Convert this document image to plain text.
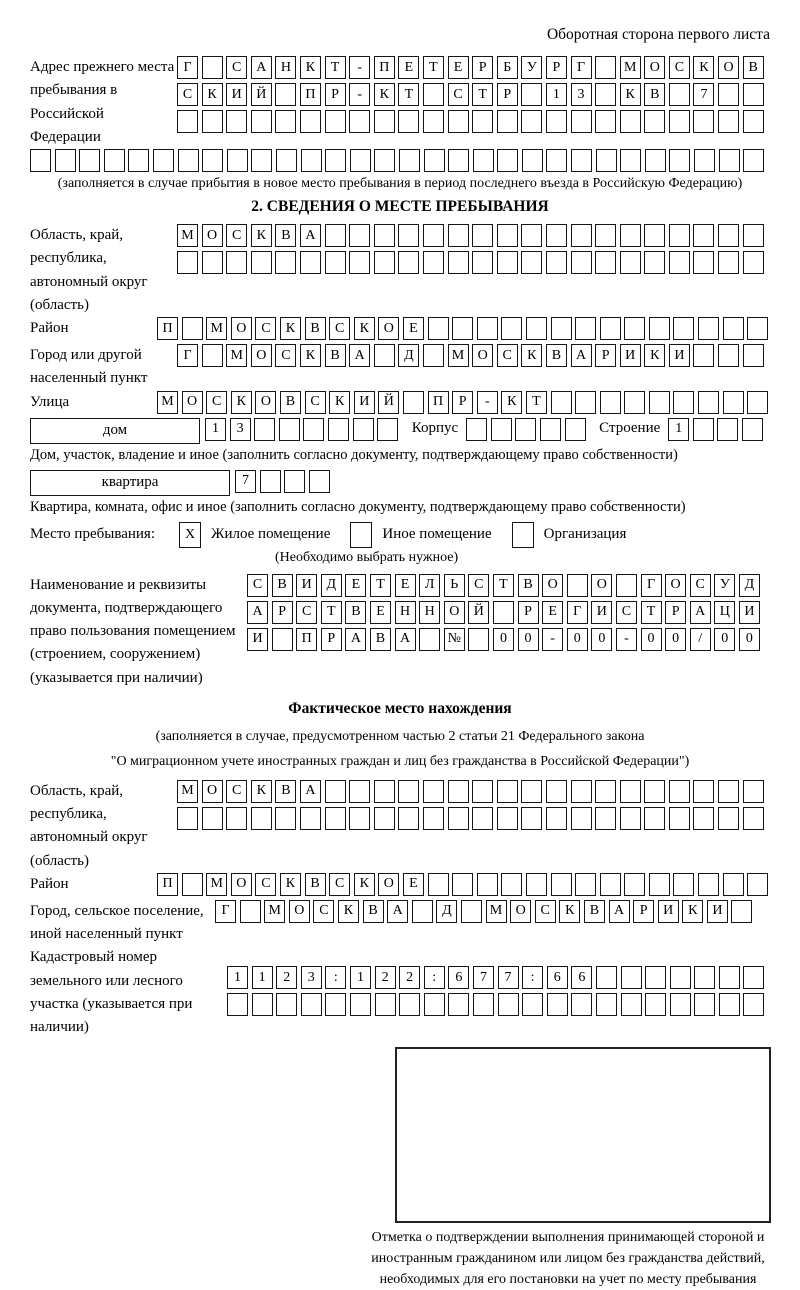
Оборотная сторона первого листа
Адрес прежнего места пребывания в Российской Федерации
Г	С	А	Н	К	Т	-	П	Е	Т	Е	Р	Б	У	Р	Г	М О	С	К	О	В
С	К	И	Й	П	Р	-	К	Т	С	Т	Р	1	3	К	В	7
(заполняется в случае прибытия в новое место пребывания в период последнего въезда в Российскую Федерацию)
2. СВЕДЕНИЯ О МЕСТЕ ПРЕБЫВАНИЯ
Область, край, республика, автономный округ (область)
М О	С	К	В	А
Район	П	М О	С	К	В	С	К	О	Е
Город или другой населенный пункт
Г	М О	С	К	В	А	Д	М О	С	К	В	А	Р	И	К	И
Улица	М О	С	К	О	В	С	К	И	Й	П	Р	-	К	Т
дом	1	3	Корпус	Строение	1
Дом, участок, владение и иное (заполнить согласно документу, подтверждающему право собственности)
квартира	7
Квартира, комната, офис и иное (заполнить согласно документу, подтверждающему право собственности)
Место пребывания:	X	Жилое помещение	Иное помещение	Организация
(Необходимо выбрать нужное)
Наименование и реквизиты документа, подтверждающего право пользования помещением (строением, сооружением) (указывается при наличии)
С	В	И	Д	Е	Т	Е	Л	Ь	С	Т	В	О	О	Г	О	С	У	Д
А	Р	С	Т	В	Е	Н	Н	О	Й	Р	Е	Г	И	С	Т	Р	А	Ц	И
И	П	Р	А	В	А	№	0	0	-	0	0	-	0	0	/	0	0
Фактическое место нахождения
(заполняется в случае, предусмотренном частью 2 статьи 21 Федерального закона
"О миграционном учете иностранных граждан и лиц без гражданства в Российской Федерации")
Область, край, республика, автономный округ (область)
М О	С	К	В	А
Район	П	М О	С	К	В	С	К	О	Е
Город, сельское поселение, иной населенный пункт
Г	М О	С	К	В	А	Д	М О	С	К	В	А	Р	И	К	И
Кадастровый номер земельного или лесного участка (указывается при наличии)
1	1	2	3	:	1	2	2	:	6	7	7	:	6	6
Отметка о подтверждении выполнения принимающей стороной и иностранным гражданином или лицом без гражданства действий, необходимых для его постановки на учет по месту пребывания
